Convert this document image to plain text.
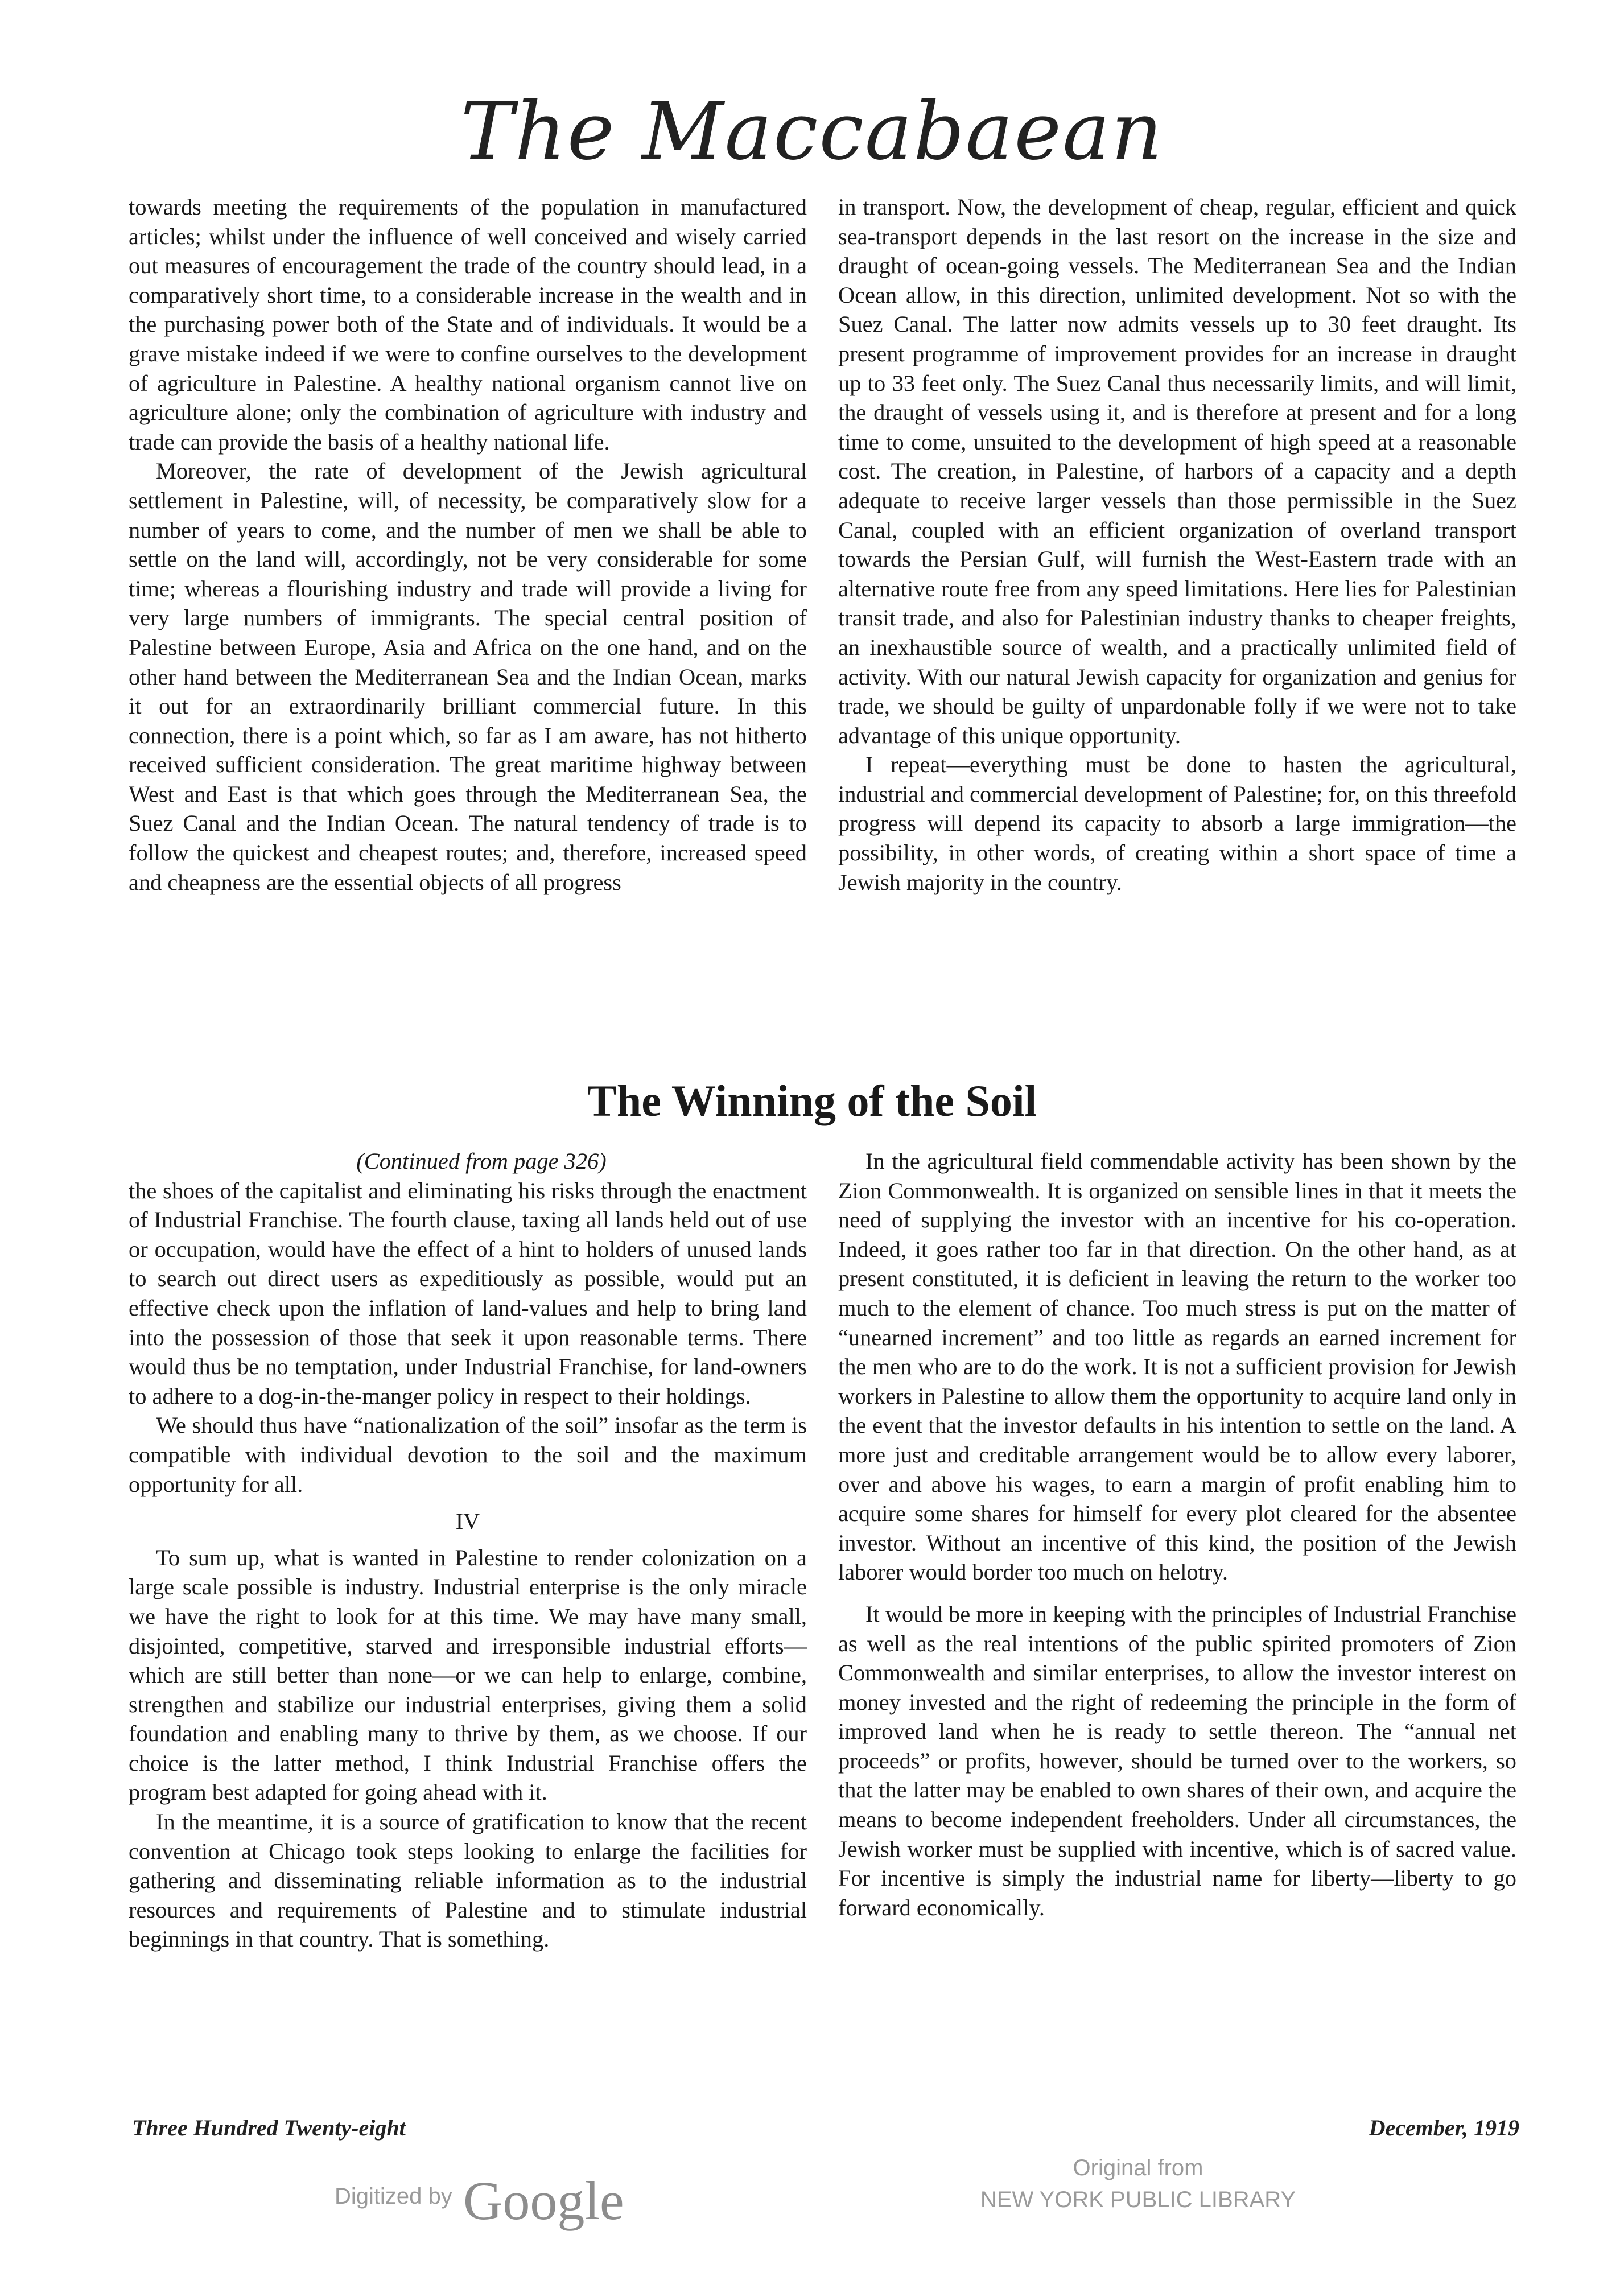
The Maccabaean

towards meeting the requirements of the population in manufactured articles; whilst under the influence of well conceived and wisely carried out measures of encouragement the trade of the country should lead, in a comparatively short time, to a considerable increase in the wealth and in the purchasing power both of the State and of individuals. It would be a grave mistake indeed if we were to confine ourselves to the development of agriculture in Palestine. A healthy national organism cannot live on agriculture alone; only the combination of agriculture with industry and trade can provide the basis of a healthy national life.

Moreover, the rate of development of the Jewish agricultural settlement in Palestine, will, of necessity, be comparatively slow for a number of years to come, and the number of men we shall be able to settle on the land will, accordingly, not be very considerable for some time; whereas a flourishing industry and trade will provide a living for very large numbers of immigrants. The special central position of Palestine between Europe, Asia and Africa on the one hand, and on the other hand between the Mediterranean Sea and the Indian Ocean, marks it out for an extraordinarily brilliant commercial future. In this connection, there is a point which, so far as I am aware, has not hitherto received sufficient consideration. The great maritime highway between West and East is that which goes through the Mediterranean Sea, the Suez Canal and the Indian Ocean. The natural tendency of trade is to follow the quickest and cheapest routes; and, therefore, increased speed and cheapness are the essential objects of all progress

in transport. Now, the development of cheap, regular, efficient and quick sea-transport depends in the last resort on the increase in the size and draught of ocean-going vessels. The Mediterranean Sea and the Indian Ocean allow, in this direction, unlimited development. Not so with the Suez Canal. The latter now admits vessels up to 30 feet draught. Its present programme of improvement provides for an increase in draught up to 33 feet only. The Suez Canal thus necessarily limits, and will limit, the draught of vessels using it, and is therefore at present and for a long time to come, unsuited to the development of high speed at a reasonable cost. The creation, in Palestine, of harbors of a capacity and a depth adequate to receive larger vessels than those permissible in the Suez Canal, coupled with an efficient organization of overland transport towards the Persian Gulf, will furnish the West-Eastern trade with an alternative route free from any speed limitations. Here lies for Palestinian transit trade, and also for Palestinian industry thanks to cheaper freights, an inexhaustible source of wealth, and a practically unlimited field of activity. With our natural Jewish capacity for organization and genius for trade, we should be guilty of unpardonable folly if we were not to take advantage of this unique opportunity.

I repeat—everything must be done to hasten the agricultural, industrial and commercial development of Palestine; for, on this threefold progress will depend its capacity to absorb a large immigration—the possibility, in other words, of creating within a short space of time a Jewish majority in the country.

The Winning of the Soil

(Continued from page 326)

the shoes of the capitalist and eliminating his risks through the enactment of Industrial Franchise. The fourth clause, taxing all lands held out of use or occupation, would have the effect of a hint to holders of unused lands to search out direct users as expeditiously as possible, would put an effective check upon the inflation of land-values and help to bring land into the possession of those that seek it upon reasonable terms. There would thus be no temptation, under Industrial Franchise, for land-owners to adhere to a dog-in-the-manger policy in respect to their holdings.

We should thus have “nationalization of the soil” insofar as the term is compatible with individual devotion to the soil and the maximum opportunity for all.

IV

To sum up, what is wanted in Palestine to render colonization on a large scale possible is industry. Industrial enterprise is the only miracle we have the right to look for at this time. We may have many small, disjointed, competitive, starved and irresponsible industrial efforts—which are still better than none—or we can help to enlarge, combine, strengthen and stabilize our industrial enterprises, giving them a solid foundation and enabling many to thrive by them, as we choose. If our choice is the latter method, I think Industrial Franchise offers the program best adapted for going ahead with it.

In the meantime, it is a source of gratification to know that the recent convention at Chicago took steps looking to enlarge the facilities for gathering and disseminating reliable information as to the industrial resources and requirements of Palestine and to stimulate industrial beginnings in that country. That is something.

In the agricultural field commendable activity has been shown by the Zion Commonwealth. It is organized on sensible lines in that it meets the need of supplying the investor with an incentive for his co-operation. Indeed, it goes rather too far in that direction. On the other hand, as at present constituted, it is deficient in leaving the return to the worker too much to the element of chance. Too much stress is put on the matter of “unearned increment” and too little as regards an earned increment for the men who are to do the work. It is not a sufficient provision for Jewish workers in Palestine to allow them the opportunity to acquire land only in the event that the investor defaults in his intention to settle on the land. A more just and creditable arrangement would be to allow every laborer, over and above his wages, to earn a margin of profit enabling him to acquire some shares for himself for every plot cleared for the absentee investor. Without an incentive of this kind, the position of the Jewish laborer would border too much on helotry.

It would be more in keeping with the principles of Industrial Franchise as well as the real intentions of the public spirited promoters of Zion Commonwealth and similar enterprises, to allow the investor interest on money invested and the right of redeeming the principle in the form of improved land when he is ready to settle thereon. The “annual net proceeds” or profits, however, should be turned over to the workers, so that the latter may be enabled to own shares of their own, and acquire the means to become independent freeholders. Under all circumstances, the Jewish worker must be supplied with incentive, which is of sacred value. For incentive is simply the industrial name for liberty—liberty to go forward economically.

Three Hundred Twenty-eight	December, 1919
Digitized by Google
Original from
NEW YORK PUBLIC LIBRARY
